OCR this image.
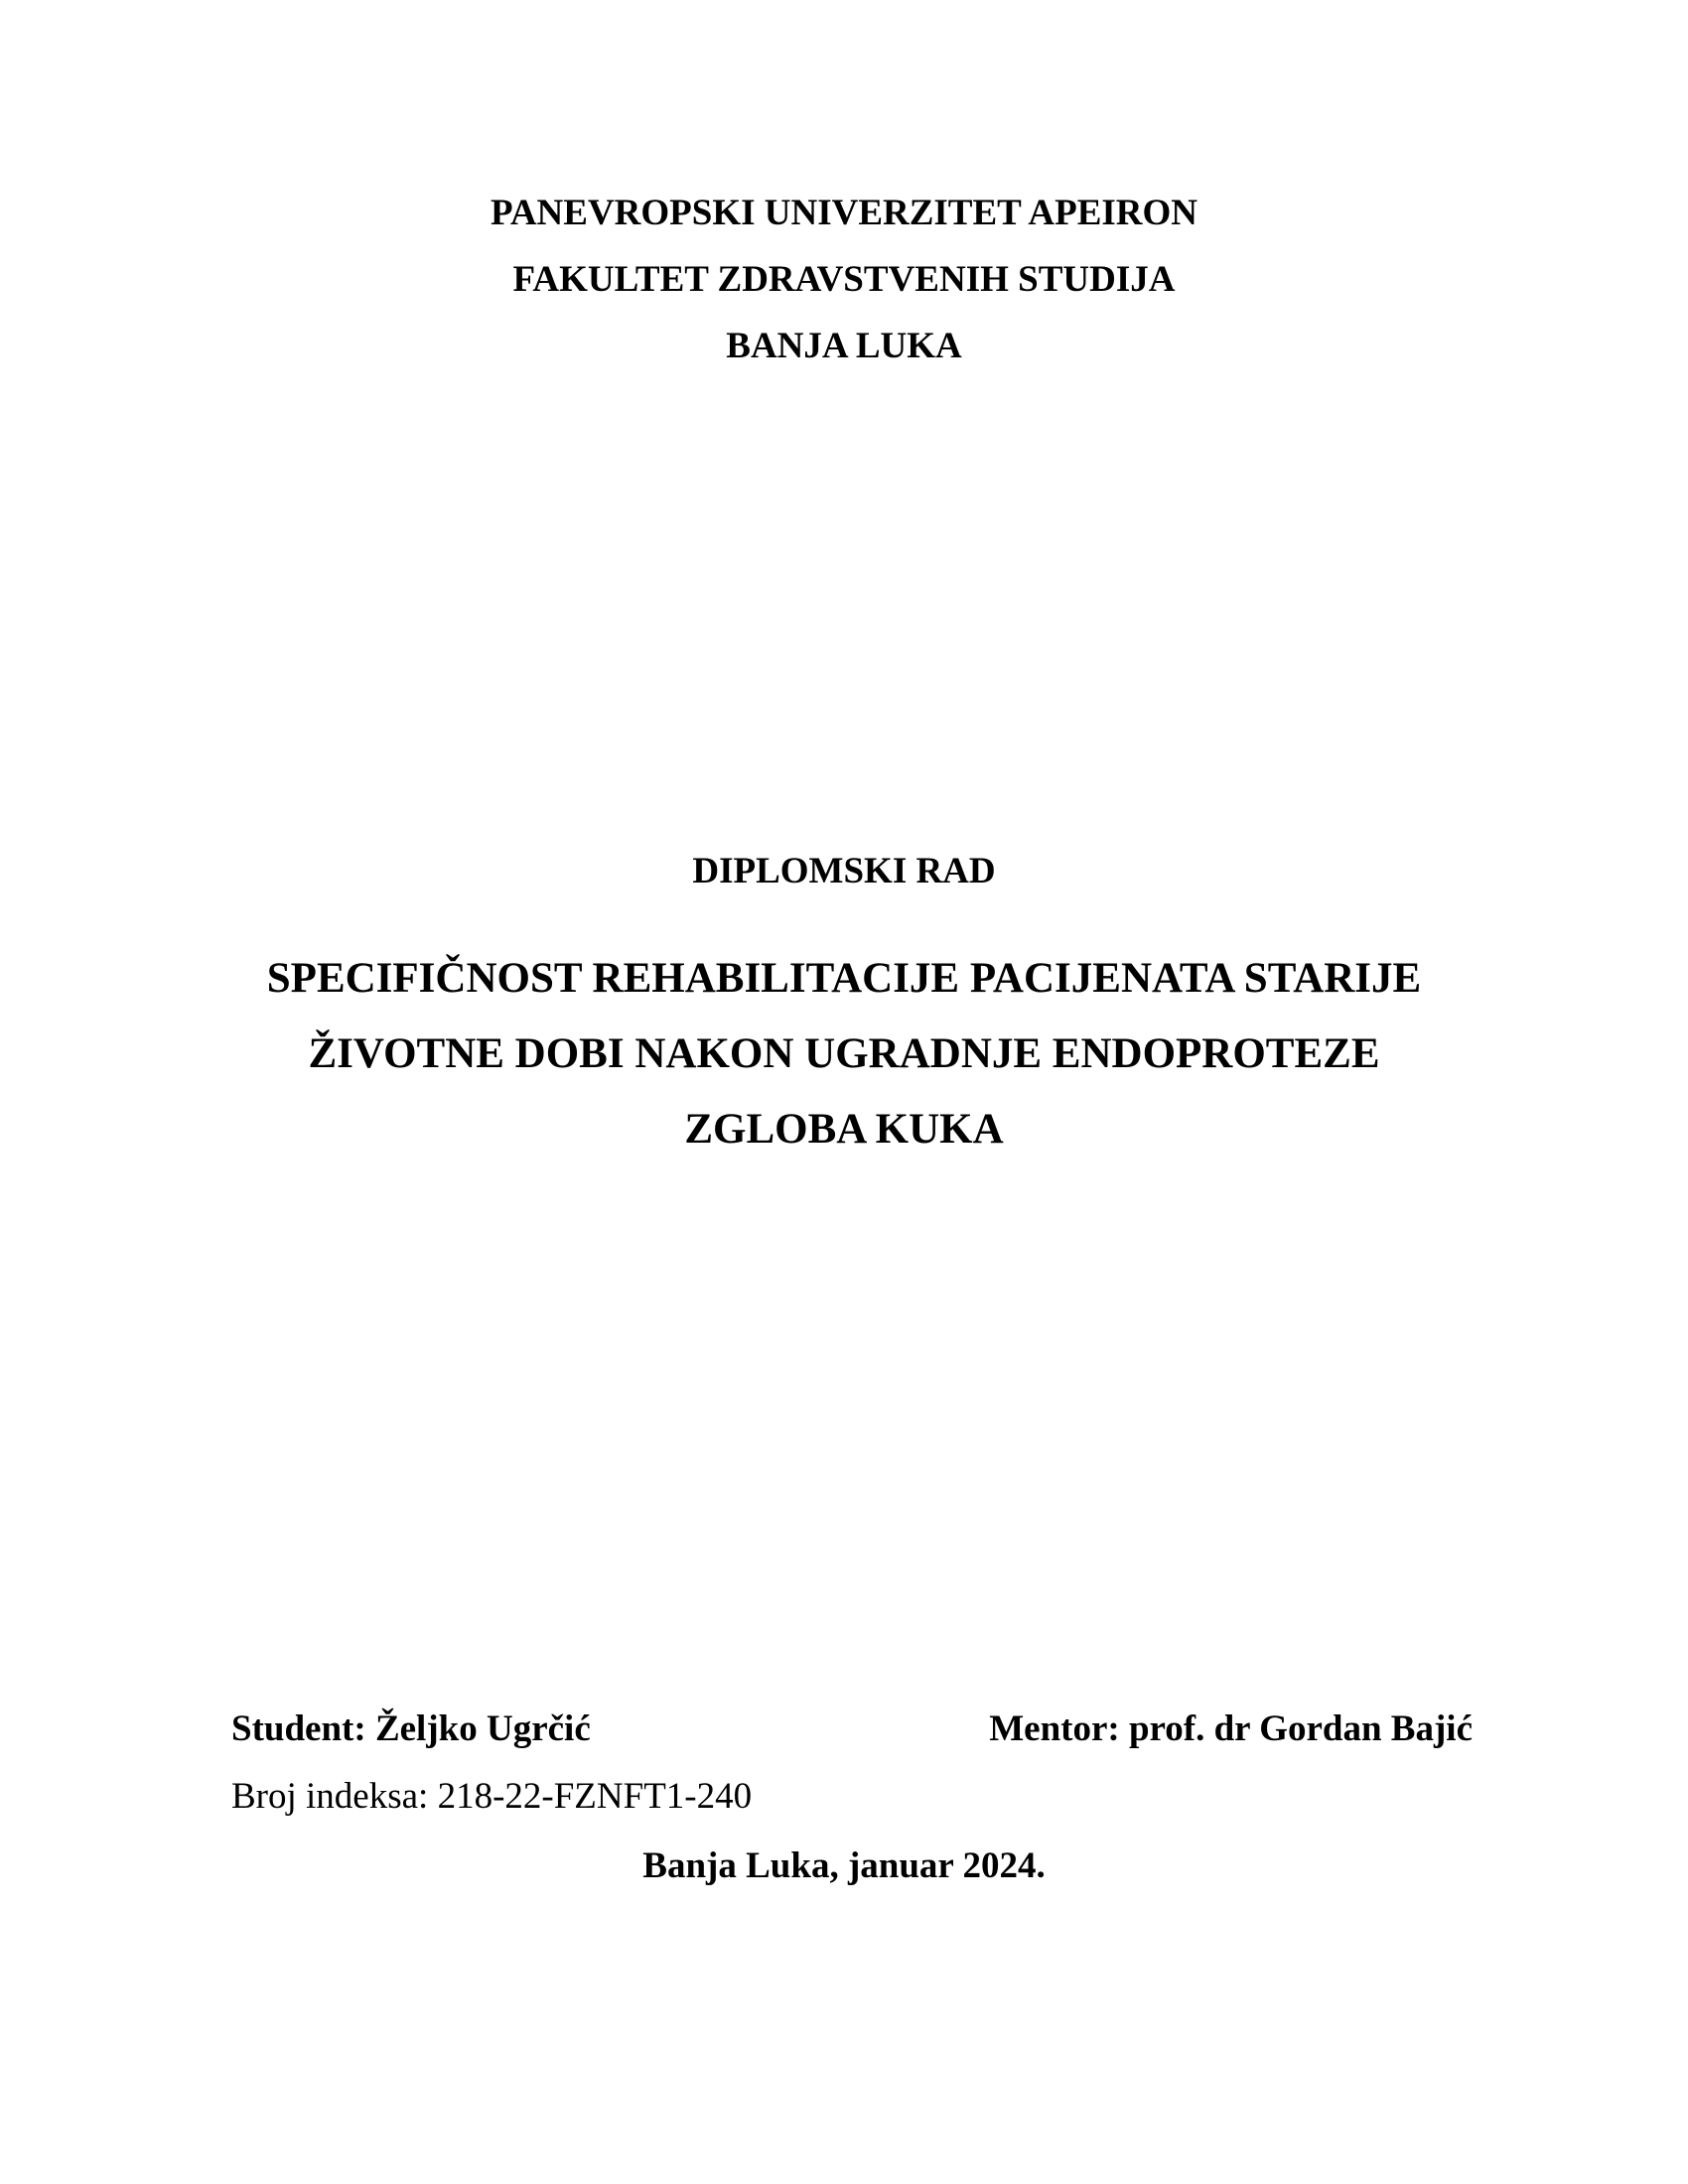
PANEVROPSKI UNIVERZITET APEIRON
FAKULTET ZDRAVSTVENIH STUDIJA
BANJA LUKA
DIPLOMSKI RAD
SPECIFIČNOST REHABILITACIJE PACIJENATA STARIJE
ŽIVOTNE DOBI NAKON UGRADNJE ENDOPROTEZE
ZGLOBA KUKA
Student: Željko Ugrčić	Mentor: prof. dr Gordan Bajić
Broj indeksa: 218-22-FZNFT1-240
Banja Luka, januar 2024.
